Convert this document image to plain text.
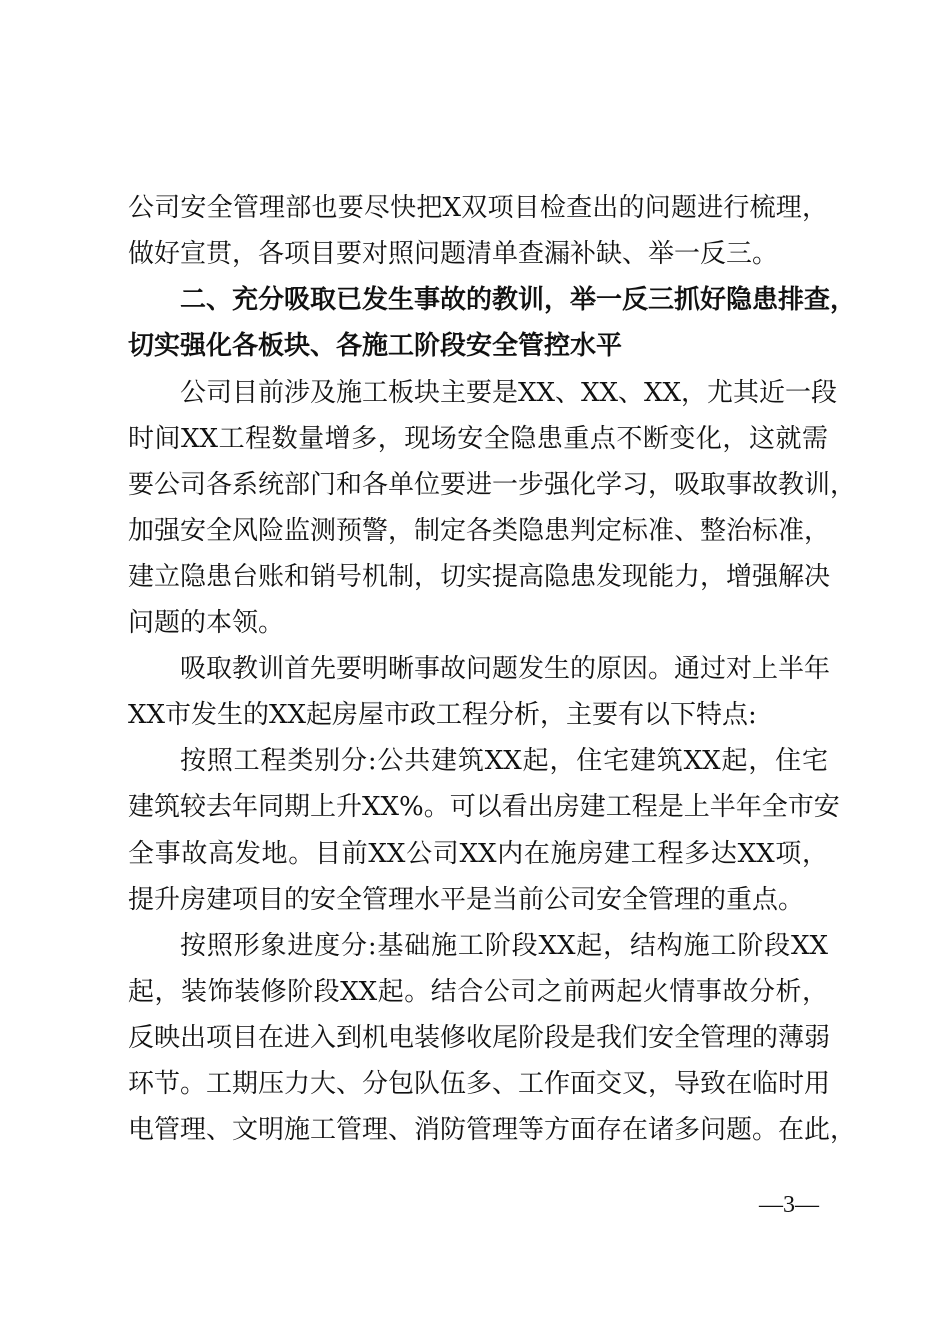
公司安全管理部也要尽快把X双项目检查出的问题进行梳理，
做好宣贯，各项目要对照问题清单查漏补缺、举一反三。
二、充分吸取已发生事故的教训，举一反三抓好隐患排查，
切实强化各板块、各施工阶段安全管控水平
公司目前涉及施工板块主要是XX、XX、XX，尤其近一段
时间XX工程数量增多，现场安全隐患重点不断变化，这就需
要公司各系统部门和各单位要进一步强化学习，吸取事故教训，
加强安全风险监测预警，制定各类隐患判定标准、整治标准，
建立隐患台账和销号机制，切实提高隐患发现能力，增强解决
问题的本领。
吸取教训首先要明晰事故问题发生的原因。通过对上半年
XX市发生的XX起房屋市政工程分析，主要有以下特点:
按照工程类别分:公共建筑XX起，住宅建筑XX起，住宅
建筑较去年同期上升XX%。可以看出房建工程是上半年全市安
全事故高发地。目前XX公司XX内在施房建工程多达XX项，
提升房建项目的安全管理水平是当前公司安全管理的重点。
按照形象进度分:基础施工阶段XX起，结构施工阶段XX
起，装饰装修阶段XX起。结合公司之前两起火情事故分析，
反映出项目在进入到机电装修收尾阶段是我们安全管理的薄弱
环节。工期压力大、分包队伍多、工作面交叉，导致在临时用
电管理、文明施工管理、消防管理等方面存在诸多问题。在此，
—3—
